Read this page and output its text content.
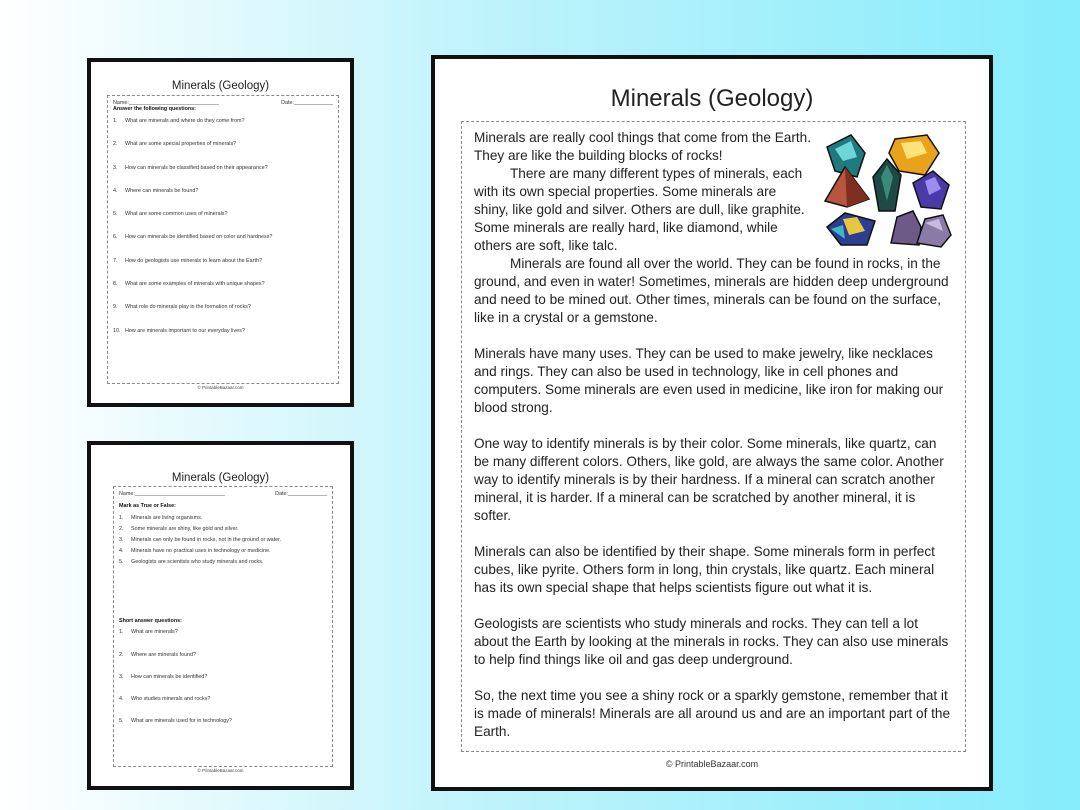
Minerals (Geology)
Name:______________________________	Date:_____________
Answer the following questions:
1.	What are minerals and where do they come from?
2.	What are some special properties of minerals?
3.	How can minerals be classified based on their appearance?
4.	Where can minerals be found?
5.	What are some common uses of minerals?
6.	How can minerals be identified based on color and hardness?
7.	How do geologists use minerals to learn about the Earth?
8.	What are some examples of minerals with unique shapes?
9.	What role do minerals play in the formation of rocks?
10. How are minerals important to our everyday lives?
© PrintableBazaar.com
Minerals (Geology)
Name:______________________________	Date:_____________
Mark as True or False:
1.	Minerals are living organisms.
2.	Some minerals are shiny, like gold and silver.
3.	Minerals can only be found in rocks, not in the ground or water.
4.	Minerals have no practical uses in technology or medicine.
5.	Geologists are scientists who study minerals and rocks.
Short answer questions:
1.	What are minerals?
2.	Where are minerals found?
3.	How can minerals be identified?
4.	Who studies minerals and rocks?
5.	What are minerals used for in technology?
© PrintableBazaar.com
Minerals (Geology)

Minerals are really cool things that come from the Earth. They are like the building blocks of rocks!

There are many different types of minerals, each with its own special properties. Some minerals are shiny, like gold and silver. Others are dull, like graphite. Some minerals are really hard, like diamond, while others are soft, like talc.

Minerals are found all over the world. They can be found in rocks, in the ground, and even in water! Sometimes, minerals are hidden deep underground and need to be mined out. Other times, minerals can be found on the surface, like in a crystal or a gemstone.

Minerals have many uses. They can be used to make jewelry, like necklaces and rings. They can also be used in technology, like in cell phones and computers. Some minerals are even used in medicine, like iron for making our blood strong.

One way to identify minerals is by their color. Some minerals, like quartz, can be many different colors. Others, like gold, are always the same color. Another way to identify minerals is by their hardness. If a mineral can scratch another mineral, it is harder. If a mineral can be scratched by another mineral, it is softer.

Minerals can also be identified by their shape. Some minerals form in perfect cubes, like pyrite. Others form in long, thin crystals, like quartz. Each mineral has its own special shape that helps scientists figure out what it is.

Geologists are scientists who study minerals and rocks. They can tell a lot about the Earth by looking at the minerals in rocks. They can also use minerals to help find things like oil and gas deep underground.

So, the next time you see a shiny rock or a sparkly gemstone, remember that it is made of minerals! Minerals are all around us and are an important part of the Earth.

© PrintableBazaar.com
